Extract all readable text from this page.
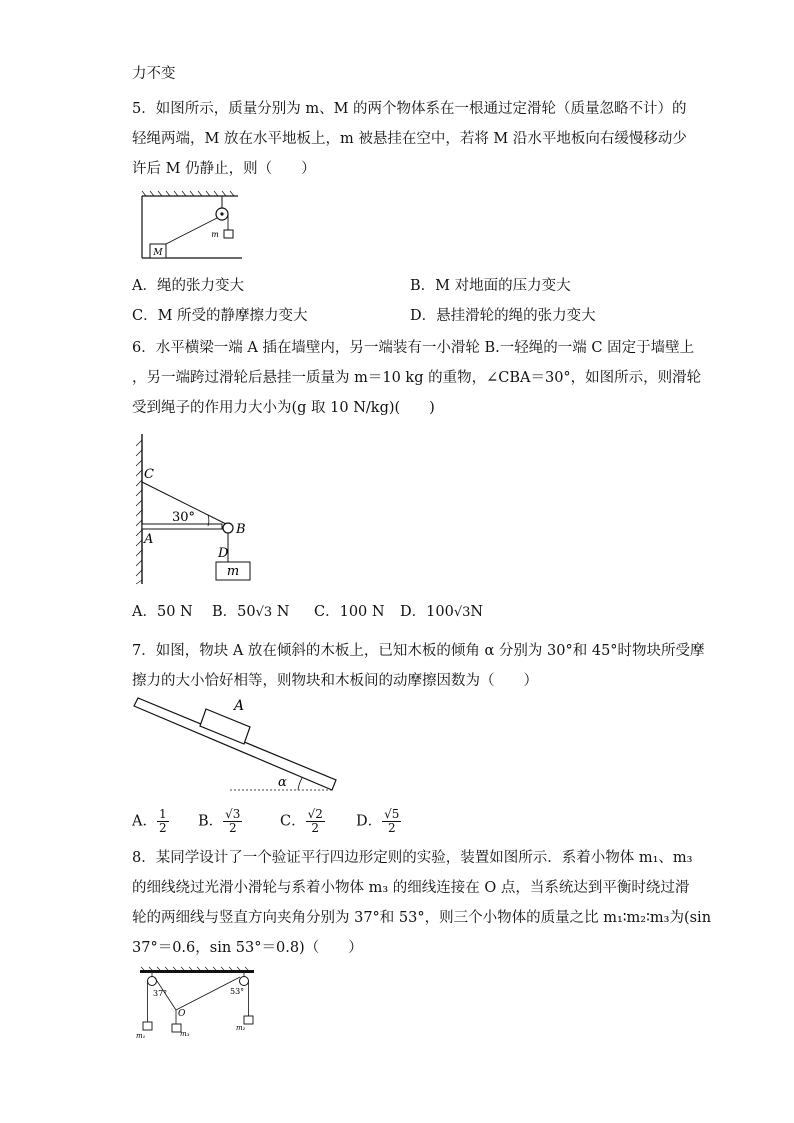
力不变
5．如图所示，质量分别为 m、M 的两个物体系在一根通过定滑轮（质量忽略不计）的
轻绳两端，M 放在水平地板上，m 被悬挂在空中，若将 M 沿水平地板向右缓慢移动少
许后 M 仍静止，则（　　）
M
m
A．绳的张力变大	B．M 对地面的压力变大
C．M 所受的静摩擦力变大	D．悬挂滑轮的绳的张力变大
6．水平横梁一端 A 插在墙壁内，另一端装有一小滑轮 B.一轻绳的一端 C 固定于墙壁上
，另一端跨过滑轮后悬挂一质量为 m＝10 kg 的重物，∠CBA＝30°，如图所示，则滑轮
受到绳子的作用力大小为(g 取 10 N/kg)(　　)
30°
C
A
B
D
m
A．50 N B．50√3 N C．100 N D．100√3N
7．如图，物块 A 放在倾斜的木板上，已知木板的倾角 α 分别为 30°和 45°时物块所受摩
擦力的大小恰好相等，则物块和木板间的动摩擦因数为（　　）
A
α
A． $\frac{1}{2}$ B． $\frac{√3}{2}$	C． $\frac{√2}{2}$ D． $\frac{√5}{2}$
8．某同学设计了一个验证平行四边形定则的实验，装置如图所示．系着小物体 m₁、m₃
的细线绕过光滑小滑轮与系着小物体 m₃ 的细线连接在 O 点，当系统达到平衡时绕过滑
轮的两细线与竖直方向夹角分别为 37°和 53°，则三个小物体的质量之比 m₁∶m₂∶m₃为(sin
37°＝0.6，sin 53°＝0.8)（　　）
37°	53°
O
m₁	m₃
m₂
